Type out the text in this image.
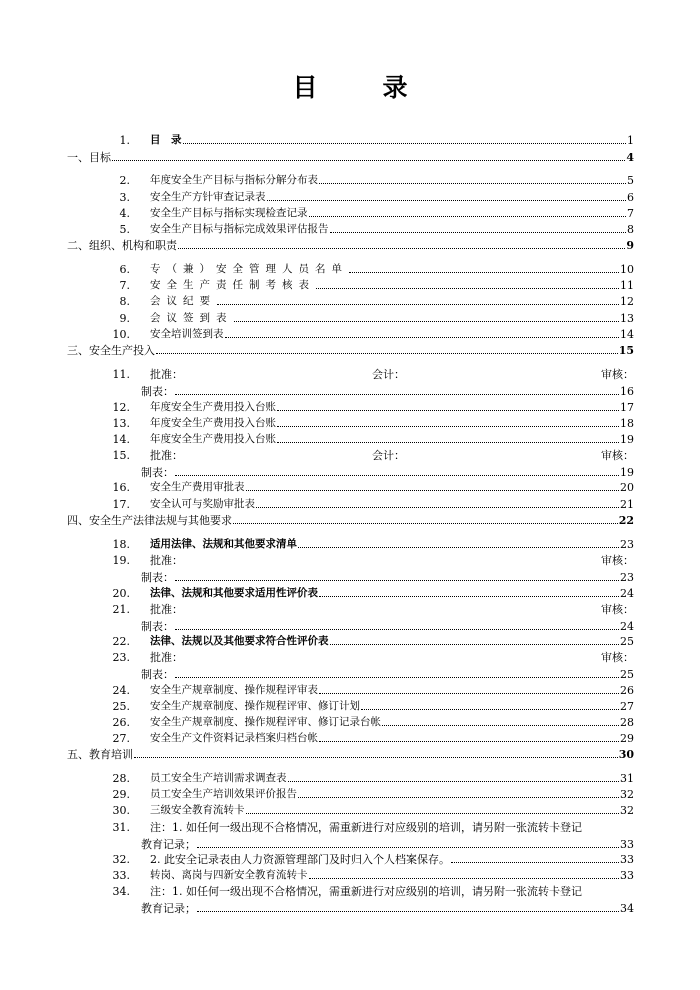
目　录
1. 目　录	1
一、目标	4
2. 年度安全生产目标与指标分解分布表	5
3. 安全生产方针审查记录表	6
4. 安全生产目标与指标实现检查记录	7
5. 安全生产目标与指标完成效果评估报告	8
二、组织、机构和职责	9
6. 专（兼）安全管理人员名单	10
7. 安全生产责任制考核表	11
8. 会议纪要	12
9. 会议签到表	13
10. 安全培训签到表	14
三、安全生产投入	15
11. 批准：	会计：	审核：
制表：	16
12. 年度安全生产费用投入台账	17
13. 年度安全生产费用投入台账	18
14. 年度安全生产费用投入台账	19
15. 批准：	会计：	审核：
制表：	19
16. 安全生产费用审批表	20
17. 安全认可与奖励审批表	21
四、安全生产法律法规与其他要求	22
18. 适用法律、法规和其他要求清单	23
19. 批准：	审核：
制表：	23
20. 法律、法规和其他要求适用性评价表	24
21. 批准：	审核：
制表：	24
22. 法律、法规以及其他要求符合性评价表	25
23. 批准：	审核：
制表：	25
24. 安全生产规章制度、操作规程评审表	26
25. 安全生产规章制度、操作规程评审、修订计划	27
26. 安全生产规章制度、操作规程评审、修订记录台帐	28
27. 安全生产文件资料记录档案归档台帐	29
五、教育培训	30
28. 员工安全生产培训需求调查表	31
29. 员工安全生产培训效果评价报告	32
30. 三级安全教育流转卡	32
31. 注：1. 如任何一级出现不合格情况，需重新进行对应级别的培训，请另附一张流转卡登记
教育记录；	33
32. 2. 此安全记录表由人力资源管理部门及时归入个人档案保存。	33
33. 转岗、离岗与四新安全教育流转卡	33
34. 注：1. 如任何一级出现不合格情况，需重新进行对应级别的培训，请另附一张流转卡登记
教育记录；	34
